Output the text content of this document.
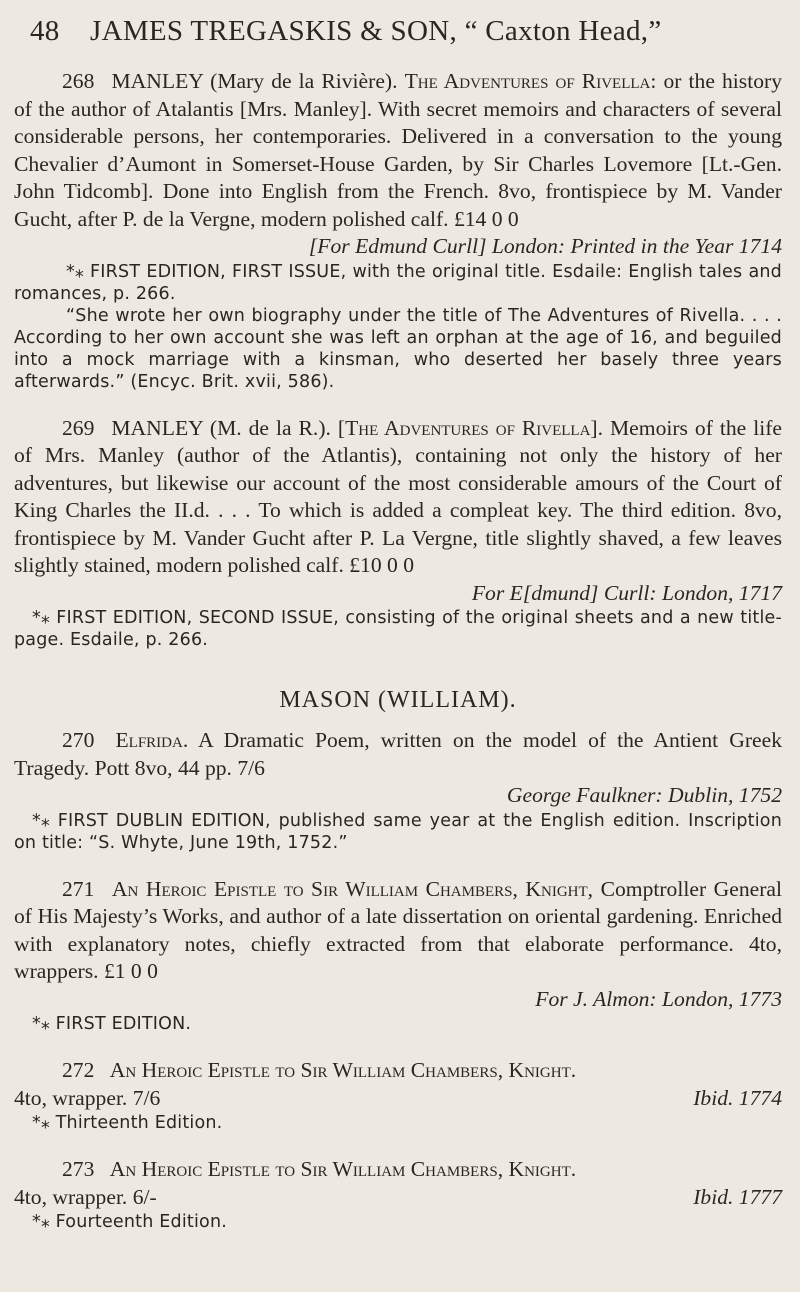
48	JAMES TREGASKIS & SON, “ Caxton Head,”

268 MANLEY (Mary de la Rivière). The Adventures of Rivella: or the history of the author of Atalantis [Mrs. Manley]. With secret memoirs and characters of several considerable persons, her contemporaries. Delivered in a conversation to the young Chevalier d’Aumont in Somerset-House Garden, by Sir Charles Lovemore [Lt.-Gen. John Tidcomb]. Done into English from the French. 8vo, frontispiece by M. Vander Gucht, after P. de la Vergne, modern polished calf. £14 0 0

[For Edmund Curll] London: Printed in the Year 1714

*⁎ FIRST EDITION, FIRST ISSUE, with the original title. Esdaile: English tales and romances, p. 266.

“She wrote her own biography under the title of The Adventures of Rivella. . . . According to her own account she was left an orphan at the age of 16, and beguiled into a mock marriage with a kinsman, who deserted her basely three years afterwards.” (Encyc. Brit. xvii, 586).

269 MANLEY (M. de la R.). [The Adventures of Rivella]. Memoirs of the life of Mrs. Manley (author of the Atlantis), containing not only the history of her adventures, but likewise our account of the most considerable amours of the Court of King Charles the II.d. . . . To which is added a compleat key. The third edition. 8vo, frontispiece by M. Vander Gucht after P. La Vergne, title slightly shaved, a few leaves slightly stained, modern polished calf. £10 0 0

For E[dmund] Curll: London, 1717

*⁎ FIRST EDITION, SECOND ISSUE, consisting of the original sheets and a new title-page. Esdaile, p. 266.

MASON (WILLIAM).

270 Elfrida. A Dramatic Poem, written on the model of the Antient Greek Tragedy. Pott 8vo, 44 pp. 7/6

George Faulkner: Dublin, 1752

*⁎ FIRST DUBLIN EDITION, published same year at the English edition. Inscription on title: “S. Whyte, June 19th, 1752.”

271 An Heroic Epistle to Sir William Chambers, Knight, Comptroller General of His Majesty’s Works, and author of a late dissertation on oriental gardening. Enriched with explanatory notes, chiefly extracted from that elaborate performance. 4to, wrappers. £1 0 0

For J. Almon: London, 1773

*⁎ FIRST EDITION.

272 An Heroic Epistle to Sir William Chambers, Knight.

4to, wrapper. 7/6	Ibid. 1774

*⁎ Thirteenth Edition.

273 An Heroic Epistle to Sir William Chambers, Knight.

4to, wrapper. 6/-	Ibid. 1777

*⁎ Fourteenth Edition.
